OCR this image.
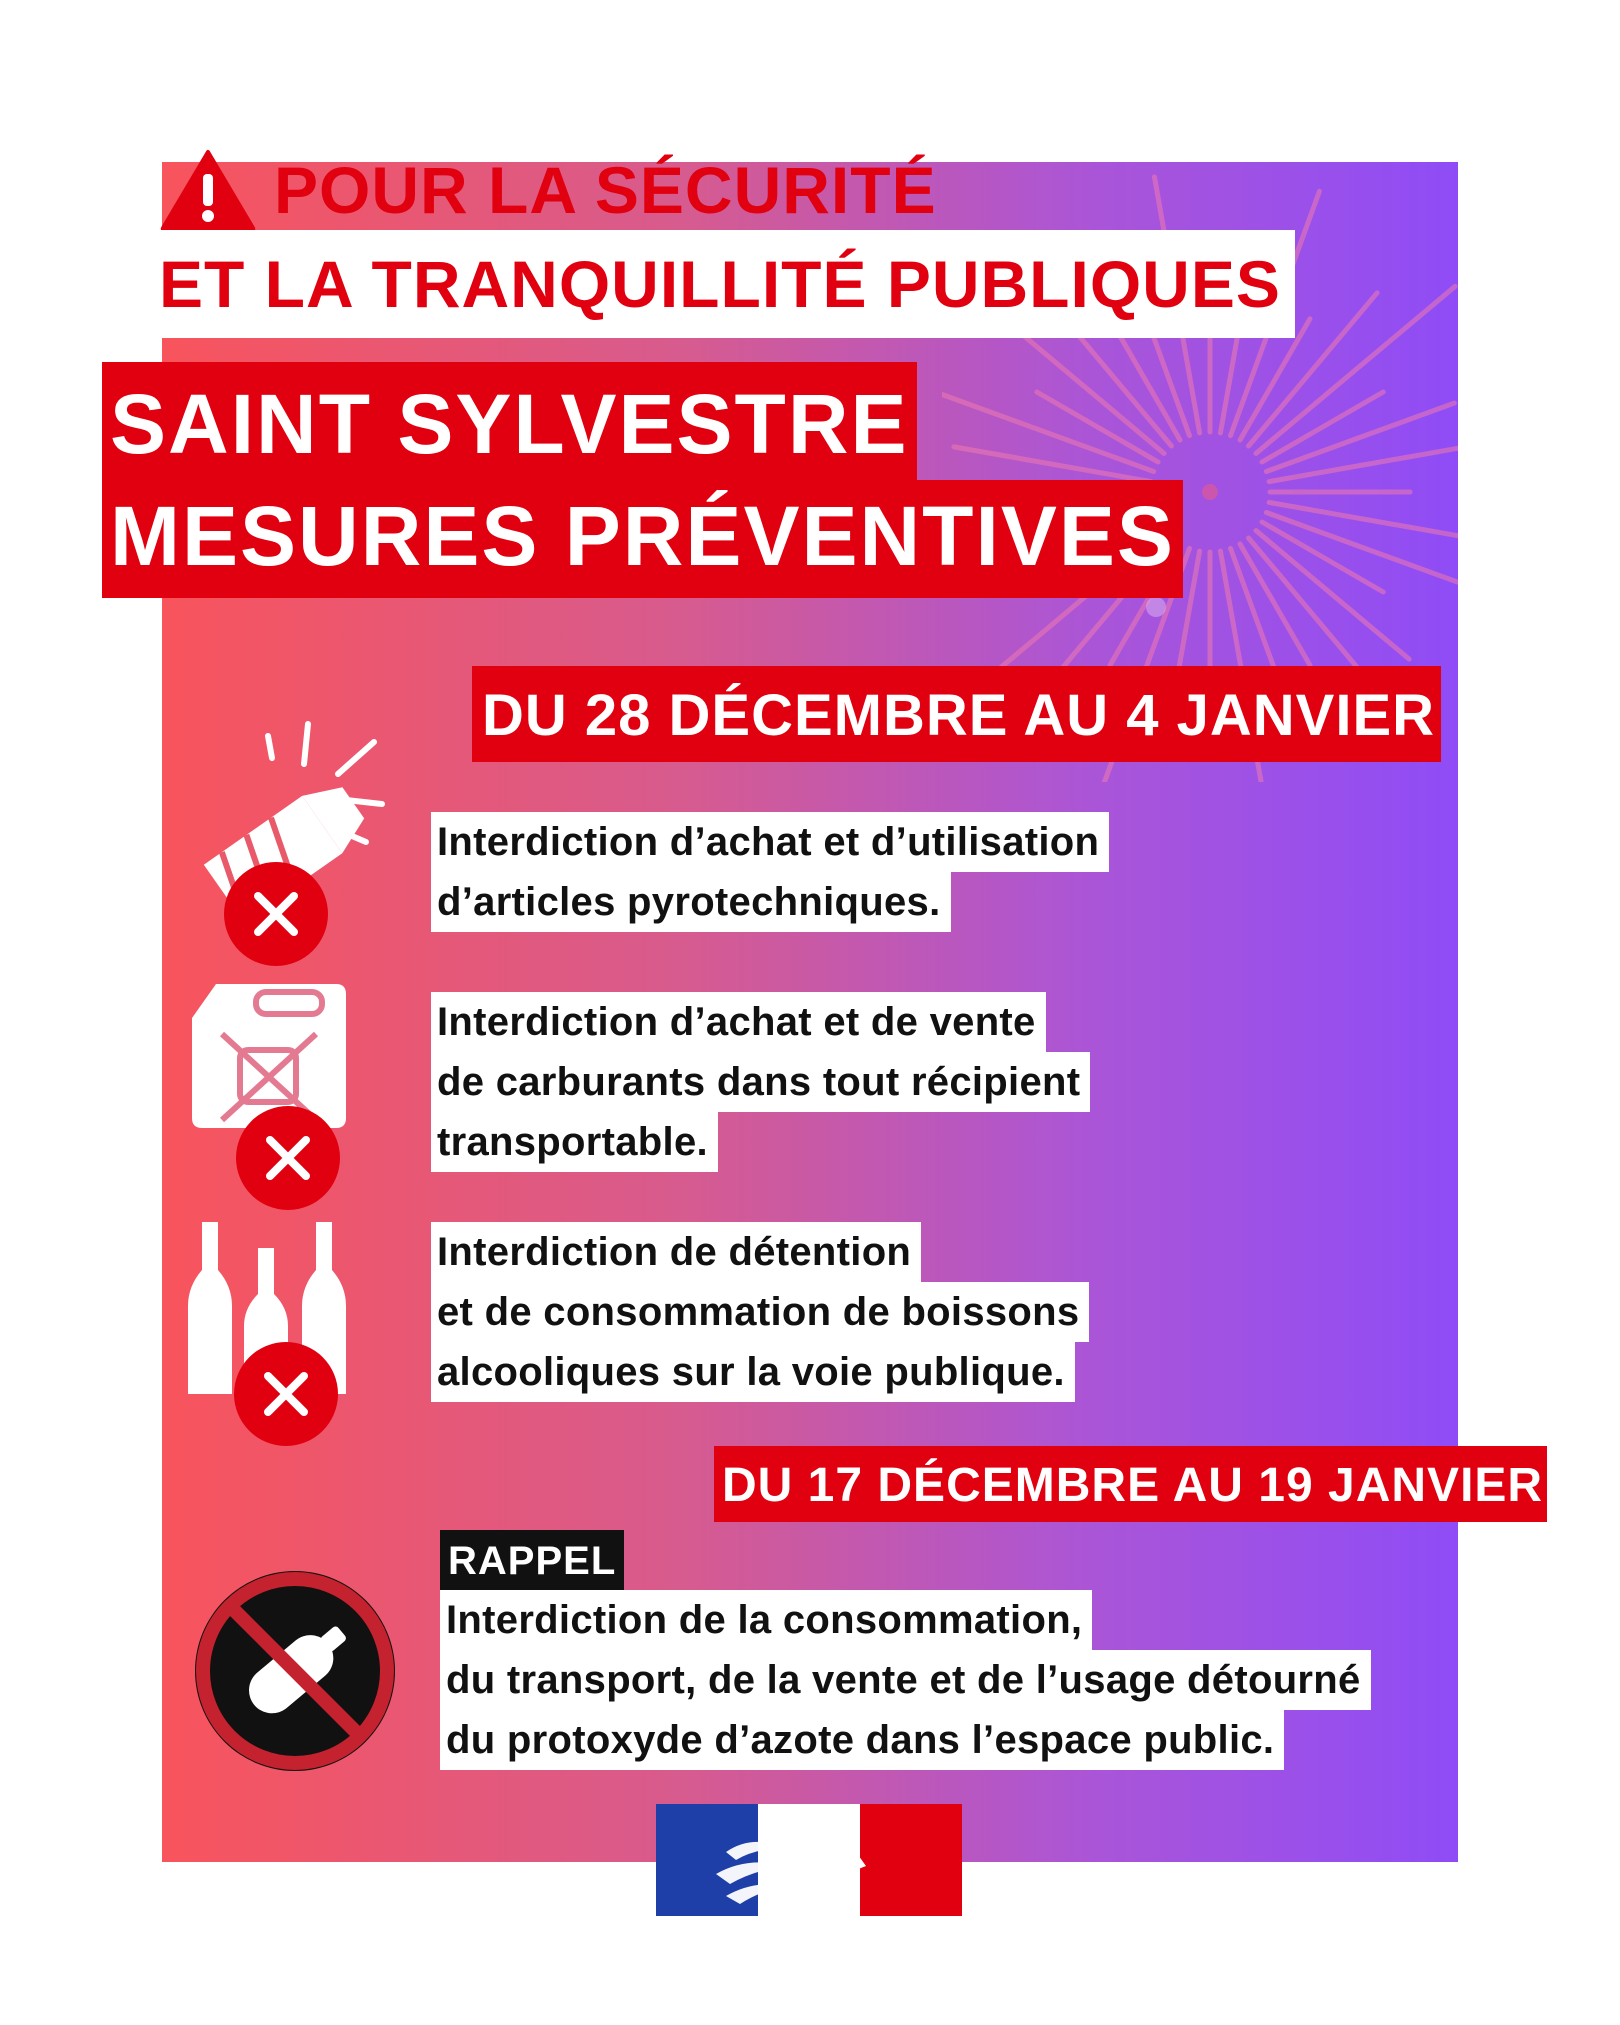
POUR LA SÉCURITÉ
ET LA TRANQUILLITÉ PUBLIQUES
SAINT SYLVESTRE
MESURES PRÉVENTIVES
DU 28 DÉCEMBRE AU 4 JANVIER
Interdiction d’achat et d’utilisation
d’articles pyrotechniques.
Interdiction d’achat et de vente
de carburants dans tout récipient
transportable.
Interdiction de détention
et de consommation de boissons
alcooliques sur la voie publique.
DU 17 DÉCEMBRE AU 19 JANVIER
RAPPEL
Interdiction de la consommation,
du transport, de la vente et de l’usage détourné
du protoxyde d’azote dans l’espace public.
